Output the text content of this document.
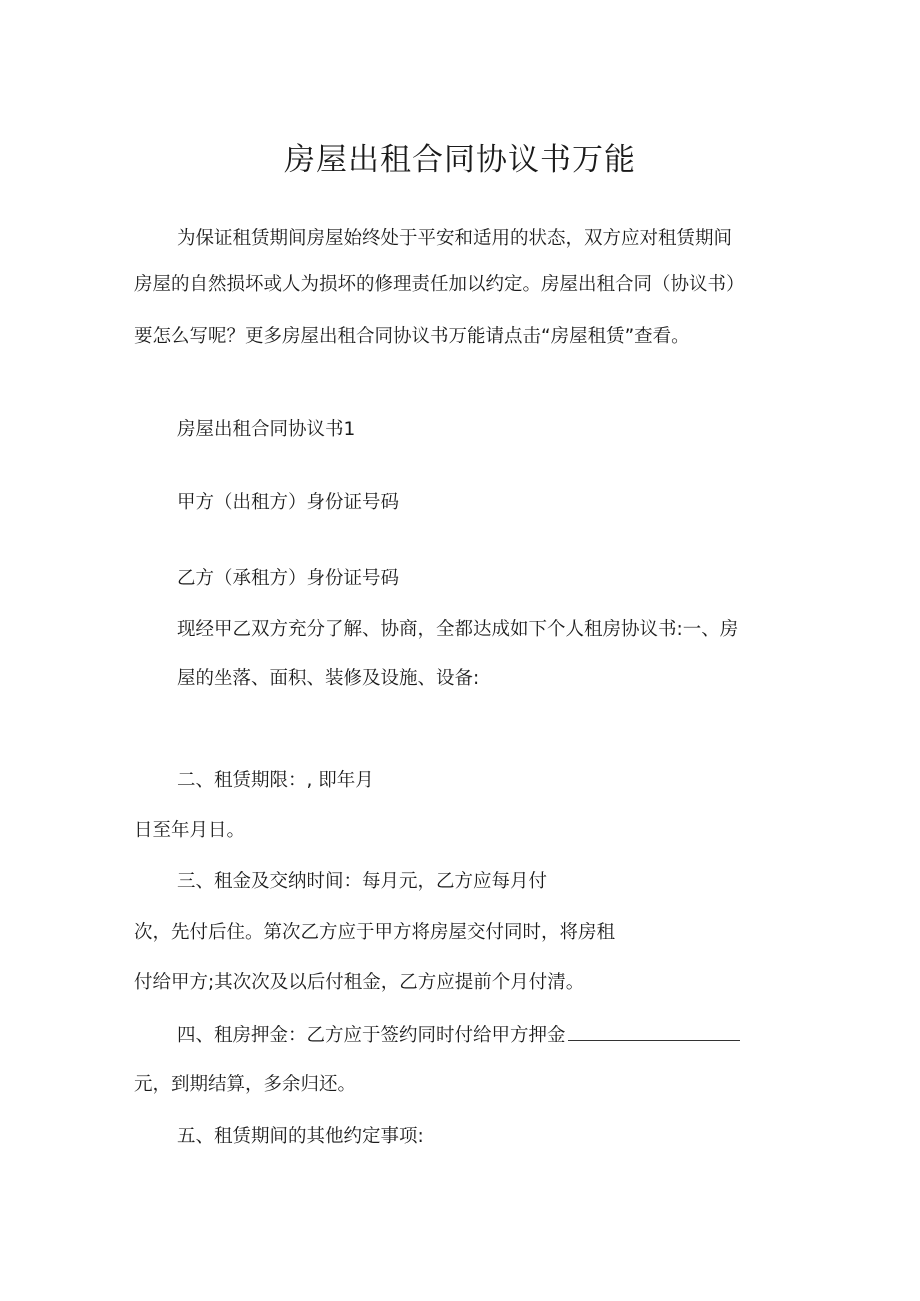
房屋出租合同协议书万能
为保证租赁期间房屋始终处于平安和适用的状态，双方应对租赁期间
房屋的自然损坏或人为损坏的修理责任加以约定。房屋出租合同（协议书）
要怎么写呢？更多房屋出租合同协议书万能请点击“房屋租赁”查看。
房屋出租合同协议书1
甲方（出租方）身份证号码
乙方（承租方）身份证号码
现经甲乙双方充分了解、协商，全都达成如下个人租房协议书:一、房
屋的坐落、面积、装修及设施、设备:
二、租赁期限：, 即年月
日至年月日。
三、租金及交纳时间：每月元，乙方应每月付
次，先付后住。第次乙方应于甲方将房屋交付同时，将房租
付给甲方;其次次及以后付租金，乙方应提前个月付清。
四、租房押金：乙方应于签约同时付给甲方押金
元，到期结算，多余归还。
五、租赁期间的其他约定事项:
